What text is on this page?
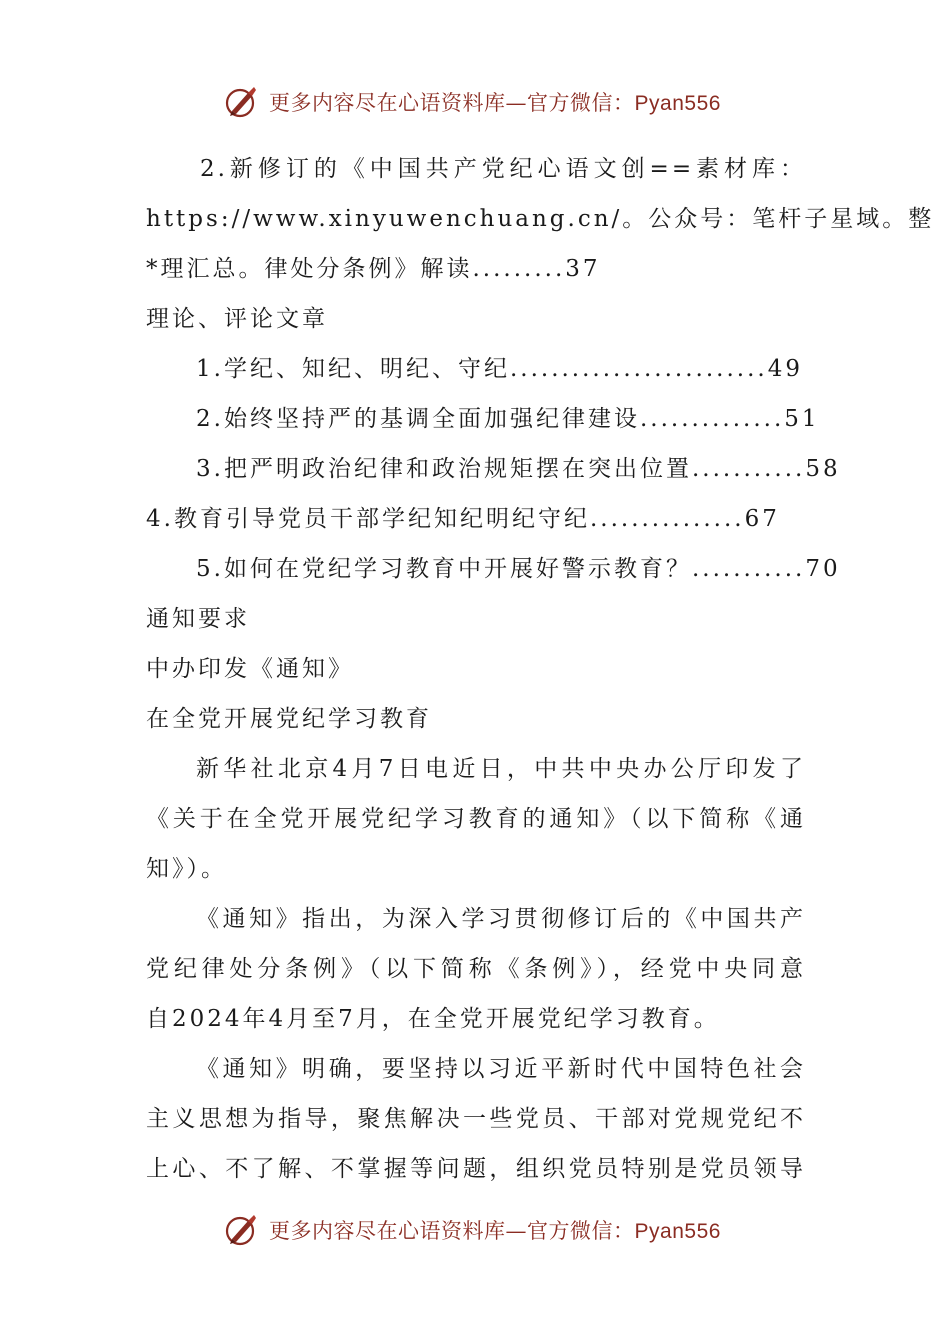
更多内容尽在心语资料库—官方微信：Pyan556
2.新修订的《中国共产党纪心语文创==素材库：
https://www.xinyuwenchuang.cn/。公众号：笔杆子星域。整
*理汇总。律处分条例》解读.........37
理论、评论文章
1.学纪、知纪、明纪、守纪.........................49
2.始终坚持严的基调全面加强纪律建设..............51
3.把严明政治纪律和政治规矩摆在突出位置...........58
4.教育引导党员干部学纪知纪明纪守纪...............67
5.如何在党纪学习教育中开展好警示教育？...........70
通知要求
中办印发《通知》
在全党开展党纪学习教育
新华社北京4月7日电近日，中共中央办公厅印发了
《关于在全党开展党纪学习教育的通知》（以下简称《通
知》）。
《通知》指出，为深入学习贯彻修订后的《中国共产
党纪律处分条例》（以下简称《条例》），经党中央同意
自2024年4月至7月，在全党开展党纪学习教育。
《通知》明确，要坚持以习近平新时代中国特色社会
主义思想为指导，聚焦解决一些党员、干部对党规党纪不
上心、不了解、不掌握等问题，组织党员特别是党员领导
更多内容尽在心语资料库—官方微信：Pyan556
